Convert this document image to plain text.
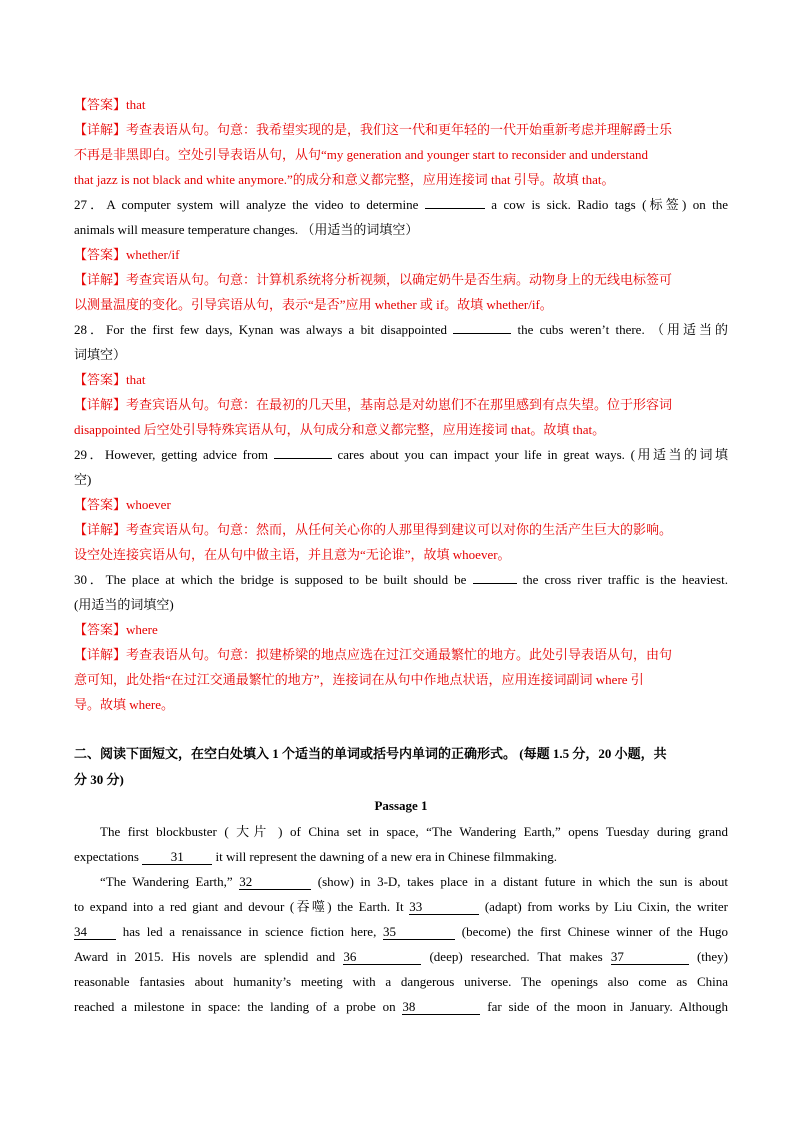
【答案】that
【详解】考查表语从句。句意：我希望实现的是，我们这一代和更年轻的一代开始重新考虑并理解爵士乐
不再是非黑即白。空处引导表语从句，从句“my generation and younger start to reconsider and understand
that jazz is not black and white anymore.”的成分和意义都完整，应用连接词 that 引导。故填 that。
27．A computer system will analyze the video to determine	a cow is sick. Radio tags (标签) on the
animals will measure temperature changes. （用适当的词填空）
【答案】whether/if
【详解】考查宾语从句。句意：计算机系统将分析视频，以确定奶牛是否生病。动物身上的无线电标签可
以测量温度的变化。引导宾语从句，表示“是否”应用 whether 或 if。故填 whether/if。
28．For the first few days, Kynan was always a bit disappointed	the cubs weren’t there. （用适当的
词填空）
【答案】that
【详解】考查宾语从句。句意：在最初的几天里，基南总是对幼崽们不在那里感到有点失望。位于形容词
disappointed 后空处引导特殊宾语从句，从句成分和意义都完整，应用连接词 that。故填 that。
29．However, getting advice from	cares about you can impact your life in great ways. (用适当的词填
空)
【答案】whoever
【详解】考查宾语从句。句意：然而，从任何关心你的人那里得到建议可以对你的生活产生巨大的影响。
设空处连接宾语从句，在从句中做主语，并且意为“无论谁”，故填 whoever。
30．The place at which the bridge is supposed to be built should be	the cross river traffic is the heaviest.
(用适当的词填空)
【答案】where
【详解】考查表语从句。句意：拟建桥梁的地点应选在过江交通最繁忙的地方。此处引导表语从句，由句
意可知，此处指“在过江交通最繁忙的地方”，连接词在从句中作地点状语，应用连接词副词 where 引
导。故填 where。
二、阅读下面短文，在空白处填入 1 个适当的单词或括号内单词的正确形式。 (每题 1.5 分，20 小题，共
分 30 分)
Passage 1
The first blockbuster ( 大片 ) of China set in space, “The Wandering Earth,” opens Tuesday during grand
expectations 31 it will represent the dawning of a new era in Chinese filmmaking.
“The Wandering Earth,” 32	(show) in 3-D, takes place in a distant future in which the sun is about
to expand into a red giant and devour (吞噬) the Earth. It 33	(adapt) from works by Liu Cixin, the writer
34	has led a renaissance in science fiction here, 35	(become) the first Chinese winner of the Hugo
Award in 2015. His novels are splendid and 36	(deep) researched. That makes 37	(they)
reasonable fantasies about humanity’s meeting with a dangerous universe. The openings also come as China
reached a milestone in space: the landing of a probe on 38	far side of the moon in January. Although
